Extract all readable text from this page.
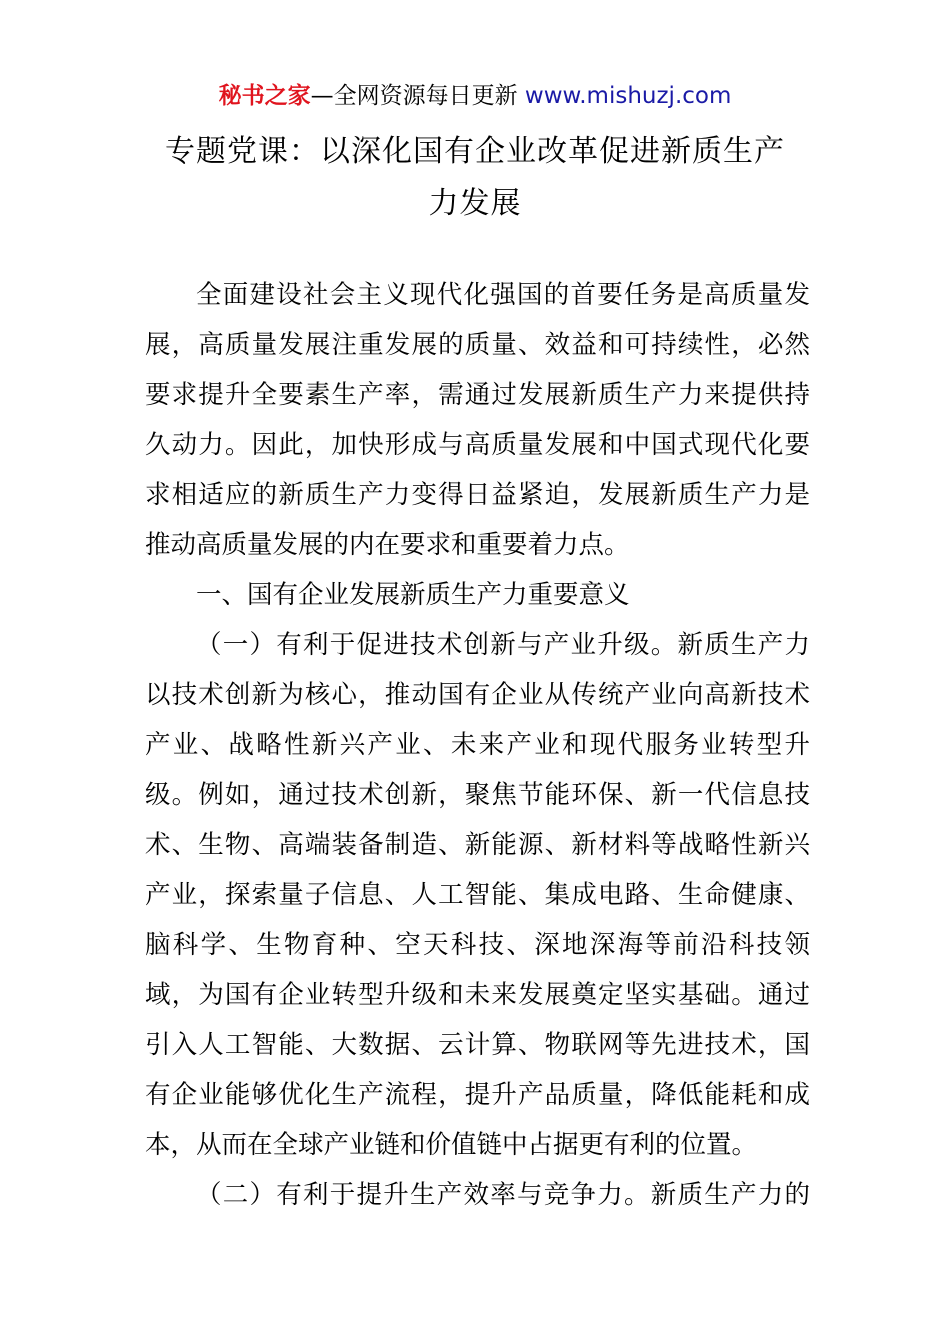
秘书之家—全网资源每日更新 www.mishuzj.com
专题党课：以深化国有企业改革促进新质生产
力发展
全面建设社会主义现代化强国的首要任务是高质量发
展，高质量发展注重发展的质量、效益和可持续性，必然
要求提升全要素生产率，需通过发展新质生产力来提供持
久动力。因此，加快形成与高质量发展和中国式现代化要
求相适应的新质生产力变得日益紧迫，发展新质生产力是
推动高质量发展的内在要求和重要着力点。
一、国有企业发展新质生产力重要意义
（一）有利于促进技术创新与产业升级。新质生产力
以技术创新为核心，推动国有企业从传统产业向高新技术
产业、战略性新兴产业、未来产业和现代服务业转型升
级。例如，通过技术创新，聚焦节能环保、新一代信息技
术、生物、高端装备制造、新能源、新材料等战略性新兴
产业，探索量子信息、人工智能、集成电路、生命健康、
脑科学、生物育种、空天科技、深地深海等前沿科技领
域，为国有企业转型升级和未来发展奠定坚实基础。通过
引入人工智能、大数据、云计算、物联网等先进技术，国
有企业能够优化生产流程，提升产品质量，降低能耗和成
本，从而在全球产业链和价值链中占据更有利的位置。
（二）有利于提升生产效率与竞争力。新质生产力的
